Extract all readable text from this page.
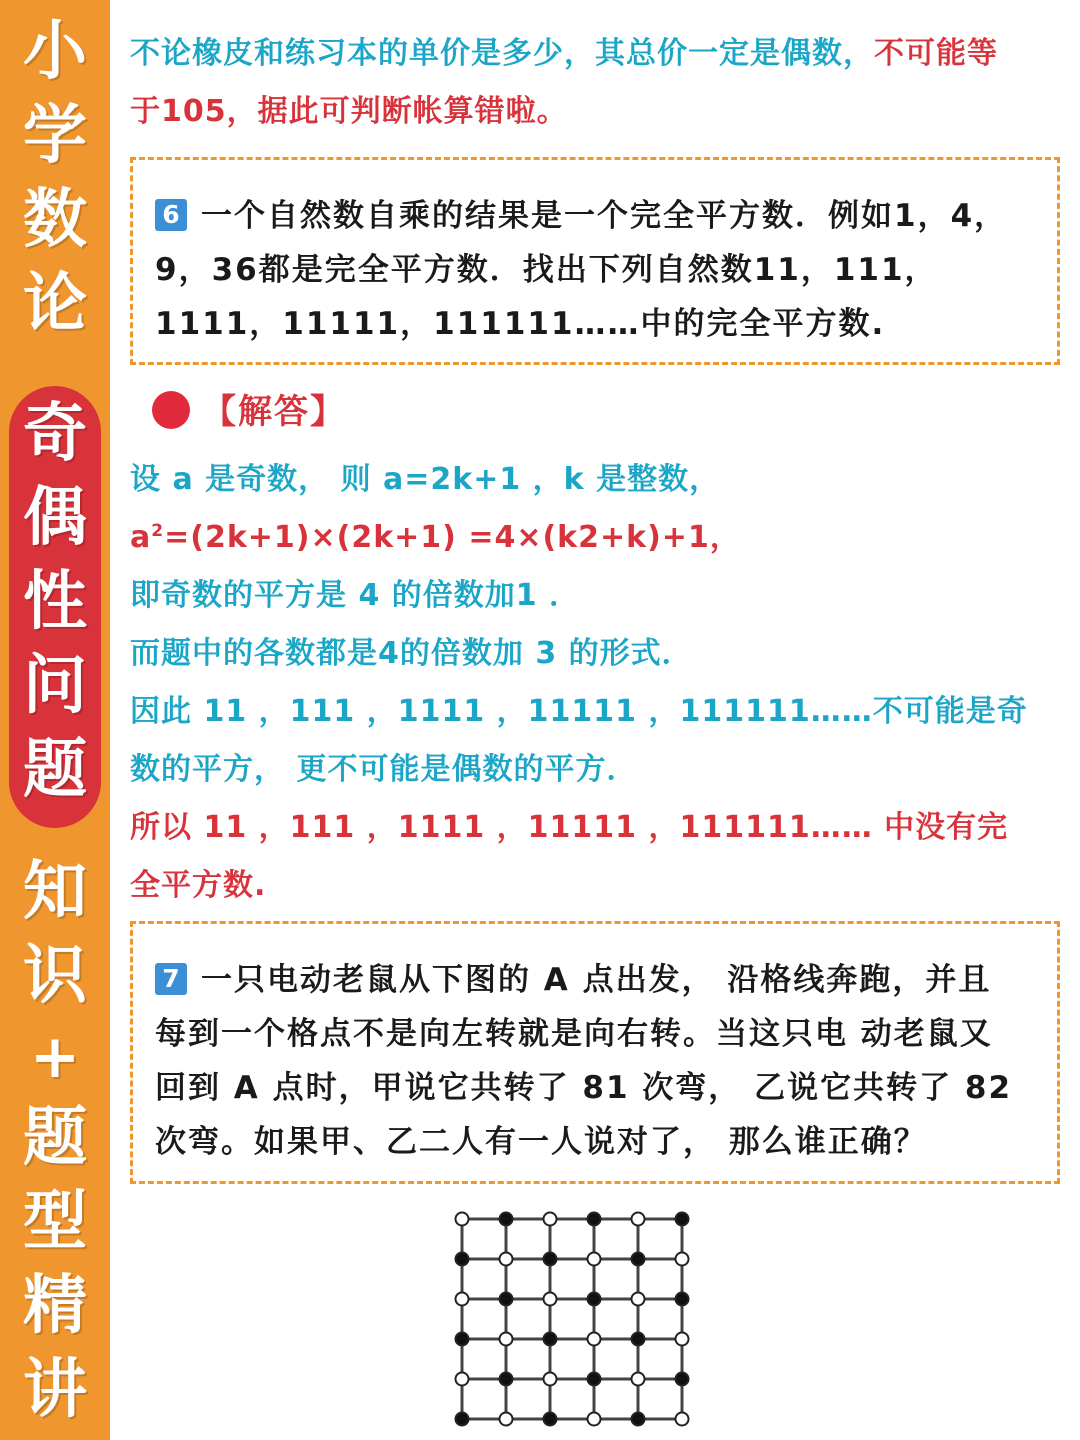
小
学
数
论
奇
偶
性
问
题
知
识
+
题
型
精
讲
不论橡皮和练习本的单价是多少，其总价一定是偶数，不可能等
于105，据此可判断帐算错啦。
6 一个自然数自乘的结果是一个完全平方数．例如1，4，
9，36都是完全平方数．找出下列自然数11，111，
1111，11111，111111……中的完全平方数.
【解答】
设 a 是奇数， 则 a=2k+1 ，k 是整数，
$a^2=(2k+1)\times(2k+1) =4\times(k2+k)+1$，
即奇数的平方是 4 的倍数加1 ．
而题中的各数都是4的倍数加 3 的形式．
因此 11 ，111 ，1111 ，11111 ，111111……不可能是奇
数的平方， 更不可能是偶数的平方．
所以 11 ，111 ，1111 ，11111 ，111111…… 中没有完
全平方数.
7 一只电动老鼠从下图的 A 点出发， 沿格线奔跑，并且
每到一个格点不是向左转就是向右转。当这只电 动老鼠又
回到 A 点时，甲说它共转了 81 次弯， 乙说它共转了 82
次弯。如果甲、乙二人有一人说对了， 那么谁正确？
